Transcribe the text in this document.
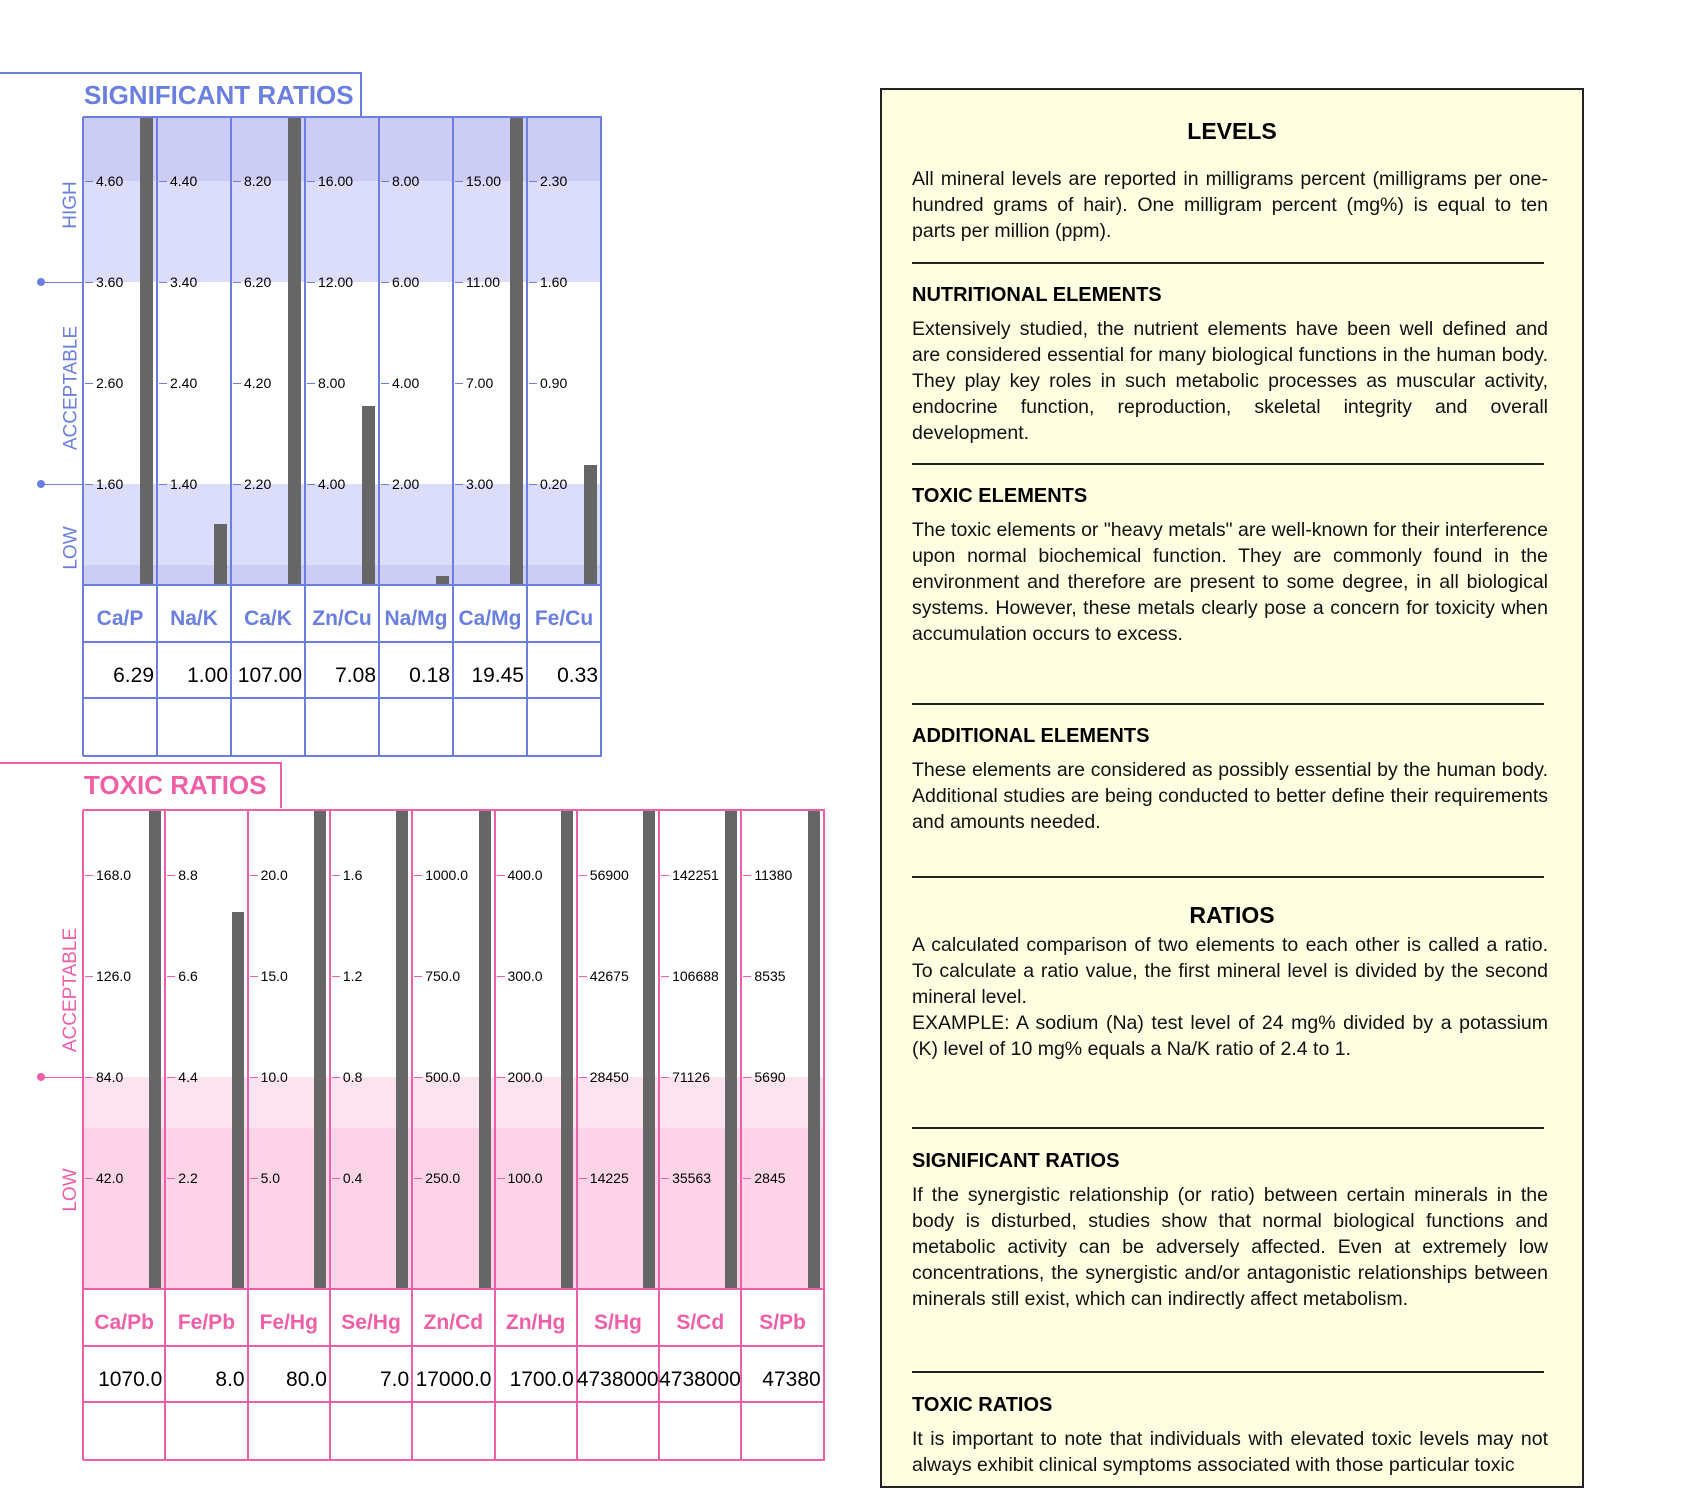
SIGNIFICANT RATIOS
4.60
3.60
2.60
1.60
4.40
3.40
2.40
1.40
8.20
6.20
4.20
2.20
16.00
12.00
8.00
4.00
8.00
6.00
4.00
2.00
15.00
11.00
7.00
3.00
2.30
1.60
0.90
0.20
Ca/P	Na/K	Ca/K Zn/Cu Na/Mg Ca/Mg Fe/Cu
6.29	1.00 107.00	7.08	0.18	19.45	0.33
HIGH
ACCEPTABLE
LOW
TOXIC RATIOS
168.0
126.0
84.0
42.0
8.8
6.6
4.4
2.2
20.0
15.0
10.0
5.0
1.6
1.2
0.8
0.4
1000.0
750.0
500.0
250.0
400.0
300.0
200.0
100.0
56900
42675
28450
14225
142251
106688
71126
35563
11380
8535
5690
2845
Ca/Pb	Fe/Pb	Fe/Hg	Se/Hg	Zn/Cd	Zn/Hg	S/Hg	S/Cd	S/Pb
1070.0	8.0	80.0	7.0 17000.0 1700.0 4738000 4738000	47380
ACCEPTABLE
LOW
LEVELS

All mineral levels are reported in milligrams percent (milligrams per one-hundred grams of hair). One milligram percent (mg%) is equal to ten parts per million (ppm).

NUTRITIONAL ELEMENTS

Extensively studied, the nutrient elements have been well defined and are considered essential for many biological functions in the human body. They play key roles in such metabolic processes as muscular activity, endocrine function, reproduction, skeletal integrity and overall development.

TOXIC ELEMENTS

The toxic elements or "heavy metals" are well-known for their interference upon normal biochemical function. They are commonly found in the environment and therefore are present to some degree, in all biological systems. However, these metals clearly pose a concern for toxicity when accumulation occurs to excess.

ADDITIONAL ELEMENTS

These elements are considered as possibly essential by the human body. Additional studies are being conducted to better define their requirements and amounts needed.

RATIOS

A calculated comparison of two elements to each other is called a ratio. To calculate a ratio value, the first mineral level is divided by the second mineral level.

EXAMPLE: A sodium (Na) test level of 24 mg% divided by a potassium (K) level of 10 mg% equals a Na/K ratio of 2.4 to 1.

SIGNIFICANT RATIOS

If the synergistic relationship (or ratio) between certain minerals in the body is disturbed, studies show that normal biological functions and metabolic activity can be adversely affected. Even at extremely low concentrations, the synergistic and/or antagonistic relationships between minerals still exist, which can indirectly affect metabolism.

TOXIC RATIOS

It is important to note that individuals with elevated toxic levels may not always exhibit clinical symptoms associated with those particular toxic
